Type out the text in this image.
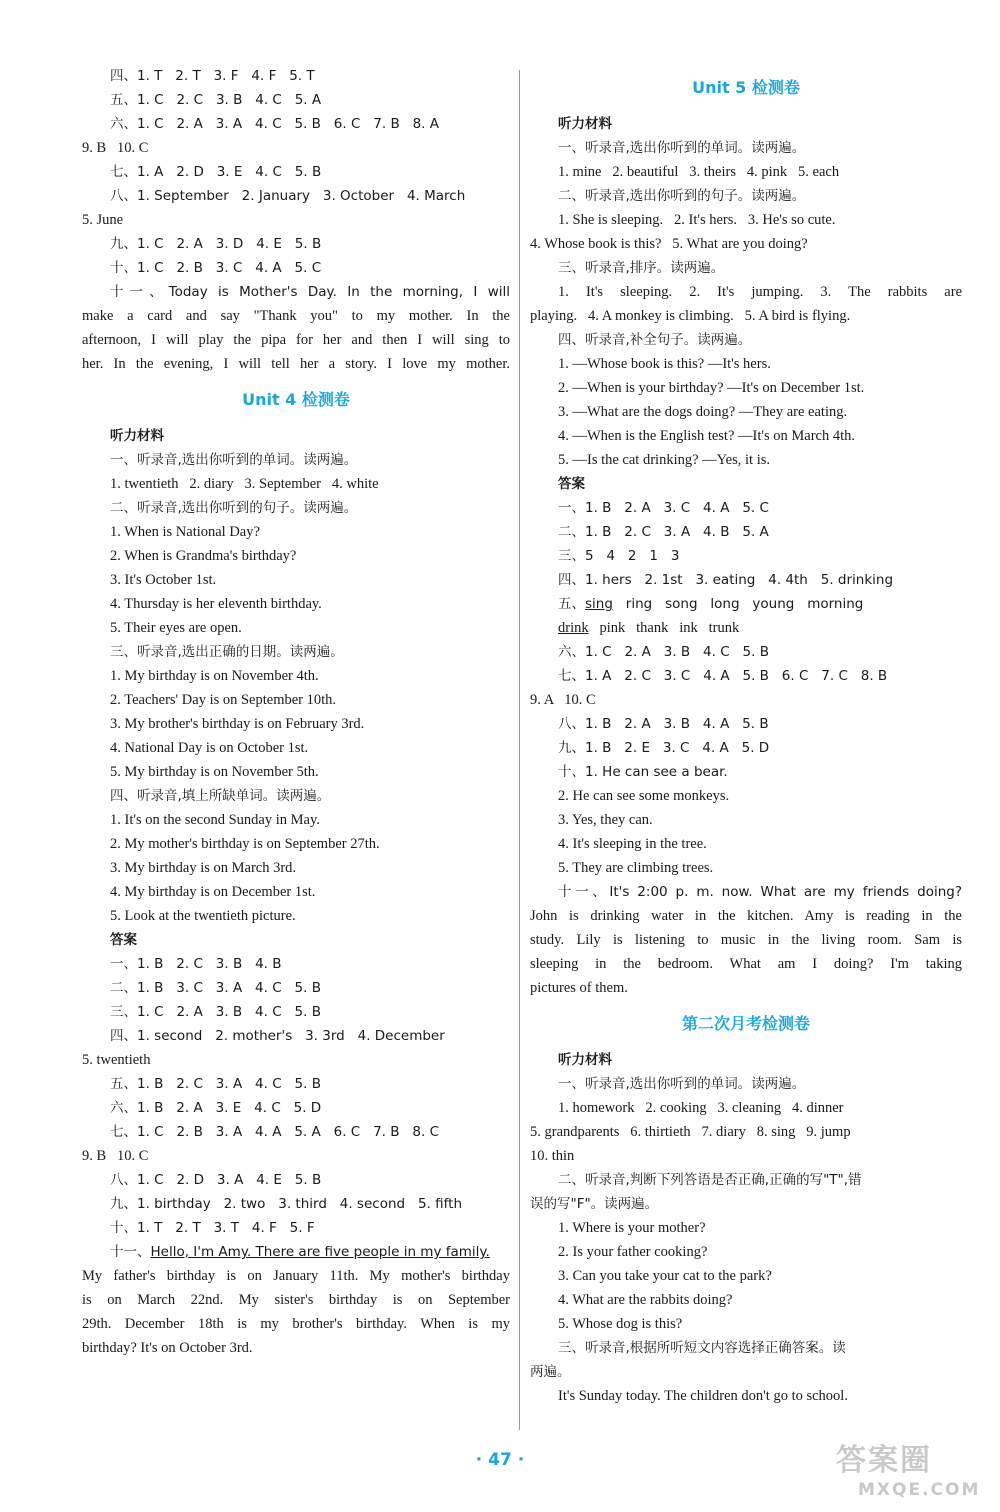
四、1. T   2. T   3. F   4. F   5. T
五、1. C   2. C   3. B   4. C   5. A
六、1. C   2. A   3. A   4. C   5. B   6. C   7. B   8. A
9. B   10. C
七、1. A   2. D   3. E   4. C   5. B
八、1. September   2. January   3. October   4. March
5. June
九、1. C   2. A   3. D   4. E   5. B
十、1. C   2. B   3. C   4. A   5. C
十一、Today is Mother's Day. In the morning, I will
make a card and say "Thank you" to my mother. In the
afternoon, I will play the pipa for her and then I will sing to
her. In the evening, I will tell her a story. I love my mother.
Unit 4 检测卷
听力材料
一、听录音,选出你听到的单词。读两遍。
1. twentieth   2. diary   3. September   4. white
二、听录音,选出你听到的句子。读两遍。
1. When is National Day?
2. When is Grandma's birthday?
3. It's October 1st.
4. Thursday is her eleventh birthday.
5. Their eyes are open.
三、听录音,选出正确的日期。读两遍。
1. My birthday is on November 4th.
2. Teachers' Day is on September 10th.
3. My brother's birthday is on February 3rd.
4. National Day is on October 1st.
5. My birthday is on November 5th.
四、听录音,填上所缺单词。读两遍。
1. It's on the second Sunday in May.
2. My mother's birthday is on September 27th.
3. My birthday is on March 3rd.
4. My birthday is on December 1st.
5. Look at the twentieth picture.
答案
一、1. B   2. C   3. B   4. B
二、1. B   3. C   3. A   4. C   5. B
三、1. C   2. A   3. B   4. C   5. B
四、1. second   2. mother's   3. 3rd   4. December
5. twentieth
五、1. B   2. C   3. A   4. C   5. B
六、1. B   2. A   3. E   4. C   5. D
七、1. C   2. B   3. A   4. A   5. A   6. C   7. B   8. C
9. B   10. C
八、1. C   2. D   3. A   4. E   5. B
九、1. birthday   2. two   3. third   4. second   5. fifth
十、1. T   2. T   3. T   4. F   5. F
十一、Hello, I'm Amy. There are five people in my family.
My father's birthday is on January 11th. My mother's birthday
is on March 22nd. My sister's birthday is on September
29th. December 18th is my brother's birthday. When is my
birthday? It's on October 3rd.
Unit 5 检测卷
听力材料
一、听录音,选出你听到的单词。读两遍。
1. mine   2. beautiful   3. theirs   4. pink   5. each
二、听录音,选出你听到的句子。读两遍。
1. She is sleeping.   2. It's hers.   3. He's so cute.
4. Whose book is this?   5. What are you doing?
三、听录音,排序。读两遍。
1. It's sleeping. 2. It's jumping. 3. The rabbits are
playing.   4. A monkey is climbing.   5. A bird is flying.
四、听录音,补全句子。读两遍。
1. —Whose book is this? —It's hers.
2. —When is your birthday? —It's on December 1st.
3. —What are the dogs doing? —They are eating.
4. —When is the English test? —It's on March 4th.
5. —Is the cat drinking? —Yes, it is.
答案
一、1. B   2. A   3. C   4. A   5. C
二、1. B   2. C   3. A   4. B   5. A
三、5   4   2   1   3
四、1. hers   2. 1st   3. eating   4. 4th   5. drinking
五、sing   ring   song   long   young   morning
drink   pink   thank   ink   trunk
六、1. C   2. A   3. B   4. C   5. B
七、1. A   2. C   3. C   4. A   5. B   6. C   7. C   8. B
9. A   10. C
八、1. B   2. A   3. B   4. A   5. B
九、1. B   2. E   3. C   4. A   5. D
十、1. He can see a bear.
2. He can see some monkeys.
3. Yes, they can.
4. It's sleeping in the tree.
5. They are climbing trees.
十一、It's 2:00 p. m. now. What are my friends doing?
John is drinking water in the kitchen. Amy is reading in the
study. Lily is listening to music in the living room. Sam is
sleeping in the bedroom. What am I doing? I'm taking
pictures of them.
第二次月考检测卷
听力材料
一、听录音,选出你听到的单词。读两遍。
1. homework   2. cooking   3. cleaning   4. dinner
5. grandparents   6. thirtieth   7. diary   8. sing   9. jump
10. thin
二、听录音,判断下列答语是否正确,正确的写"T",错
误的写"F"。读两遍。
1. Where is your mother?
2. Is your father cooking?
3. Can you take your cat to the park?
4. What are the rabbits doing?
5. Whose dog is this?
三、听录音,根据所听短文内容选择正确答案。读
两遍。
It's Sunday today. The children don't go to school.
· 47 ·	答案圈
MXQE.COM
